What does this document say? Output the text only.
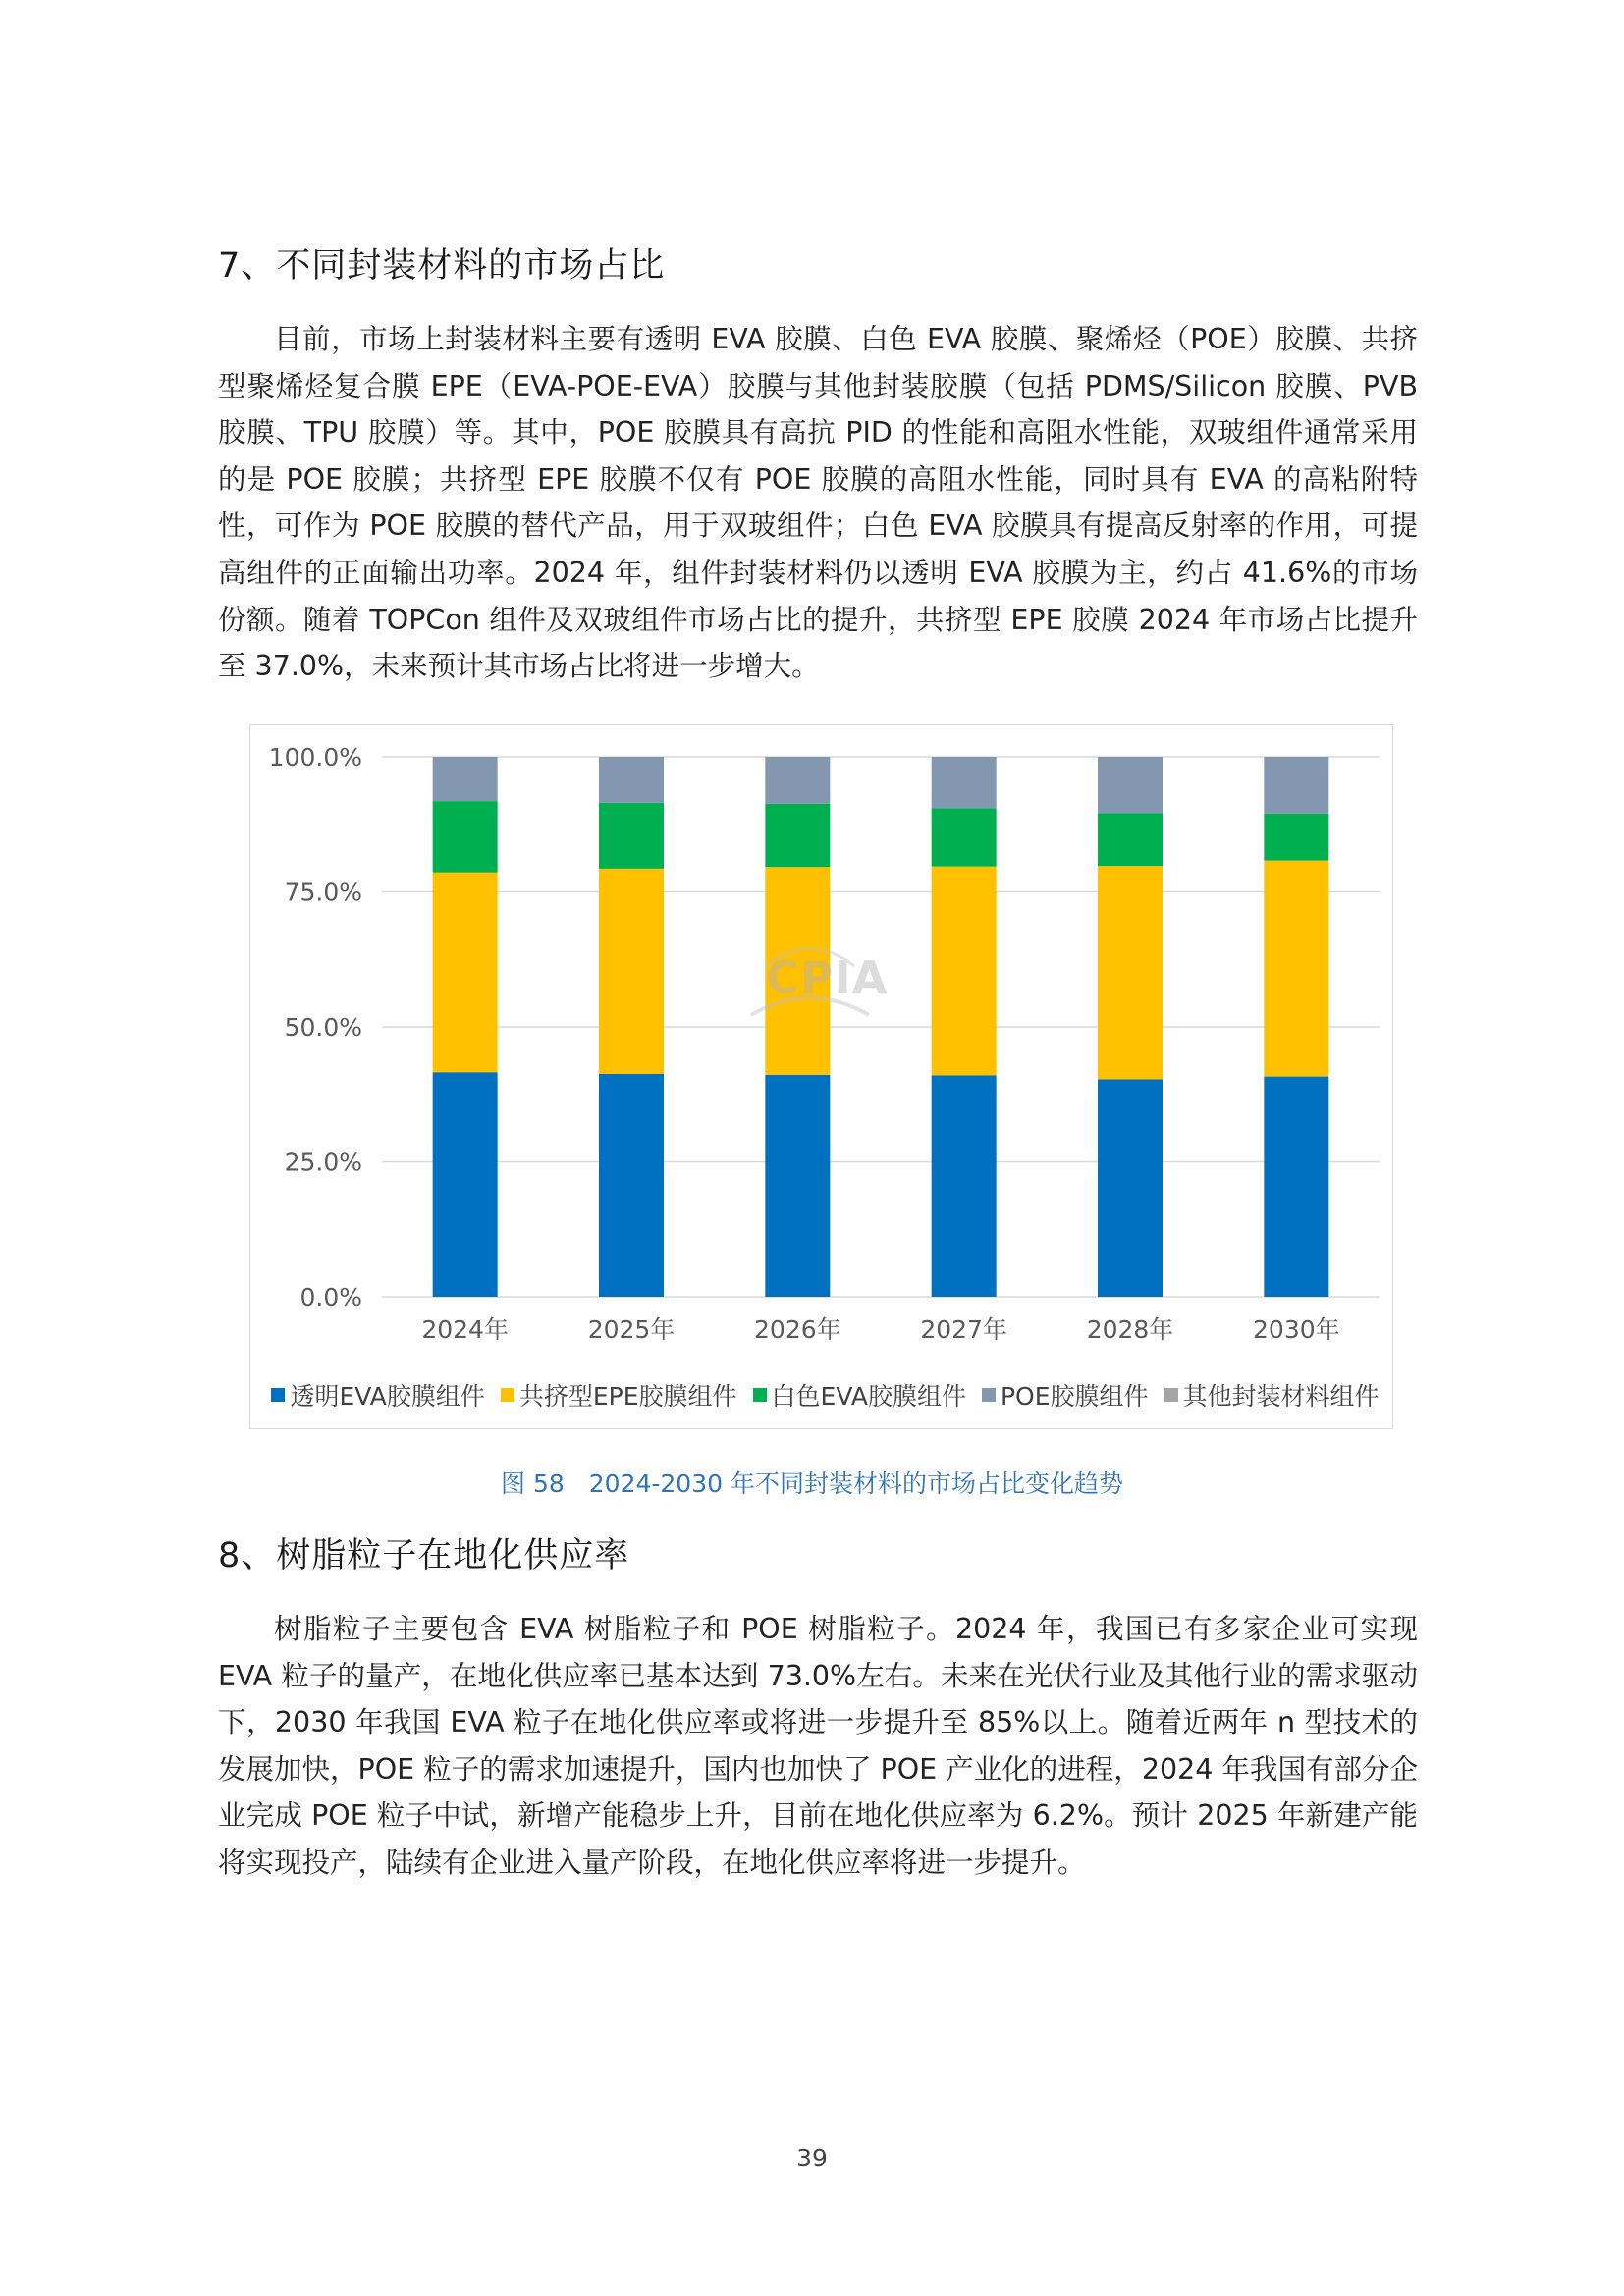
7、不同封装材料的市场占比

目前，市场上封装材料主要有透明 EVA 胶膜、白色 EVA 胶膜、聚烯烃（POE）胶膜、共挤型聚烯烃复合膜 EPE（EVA-POE-EVA）胶膜与其他封装胶膜（包括 PDMS/Silicon 胶膜、PVB 胶膜、TPU 胶膜）等。其中，POE 胶膜具有高抗 PID 的性能和高阻水性能，双玻组件通常采用的是 POE 胶膜；共挤型 EPE 胶膜不仅有 POE 胶膜的高阻水性能，同时具有 EVA 的高粘附特性，可作为 POE 胶膜的替代产品，用于双玻组件；白色 EVA 胶膜具有提高反射率的作用，可提高组件的正面输出功率。2024 年，组件封装材料仍以透明 EVA 胶膜为主，约占 41.6%的市场份额。随着 TOPCon 组件及双玻组件市场占比的提升，共挤型 EPE 胶膜 2024 年市场占比提升至 37.0%，未来预计其市场占比将进一步增大。

0.0%
25.0%
50.0%
75.0%
100.0%
2024年	2025年	2026年	2027年	2028年	2030年
CPIA
透明EVA胶膜组件 共挤型EPE胶膜组件 白色EVA胶膜组件 POE胶膜组件 其他封装材料组件
图 58　2024-2030 年不同封装材料的市场占比变化趋势
8、树脂粒子在地化供应率

树脂粒子主要包含 EVA 树脂粒子和 POE 树脂粒子。2024 年，我国已有多家企业可实现 EVA 粒子的量产，在地化供应率已基本达到 73.0%左右。未来在光伏行业及其他行业的需求驱动下，2030 年我国 EVA 粒子在地化供应率或将进一步提升至 85%以上。随着近两年 n 型技术的发展加快，POE 粒子的需求加速提升，国内也加快了 POE 产业化的进程，2024 年我国有部分企业完成 POE 粒子中试，新增产能稳步上升，目前在地化供应率为 6.2%。预计 2025 年新建产能将实现投产，陆续有企业进入量产阶段，在地化供应率将进一步提升。

39
